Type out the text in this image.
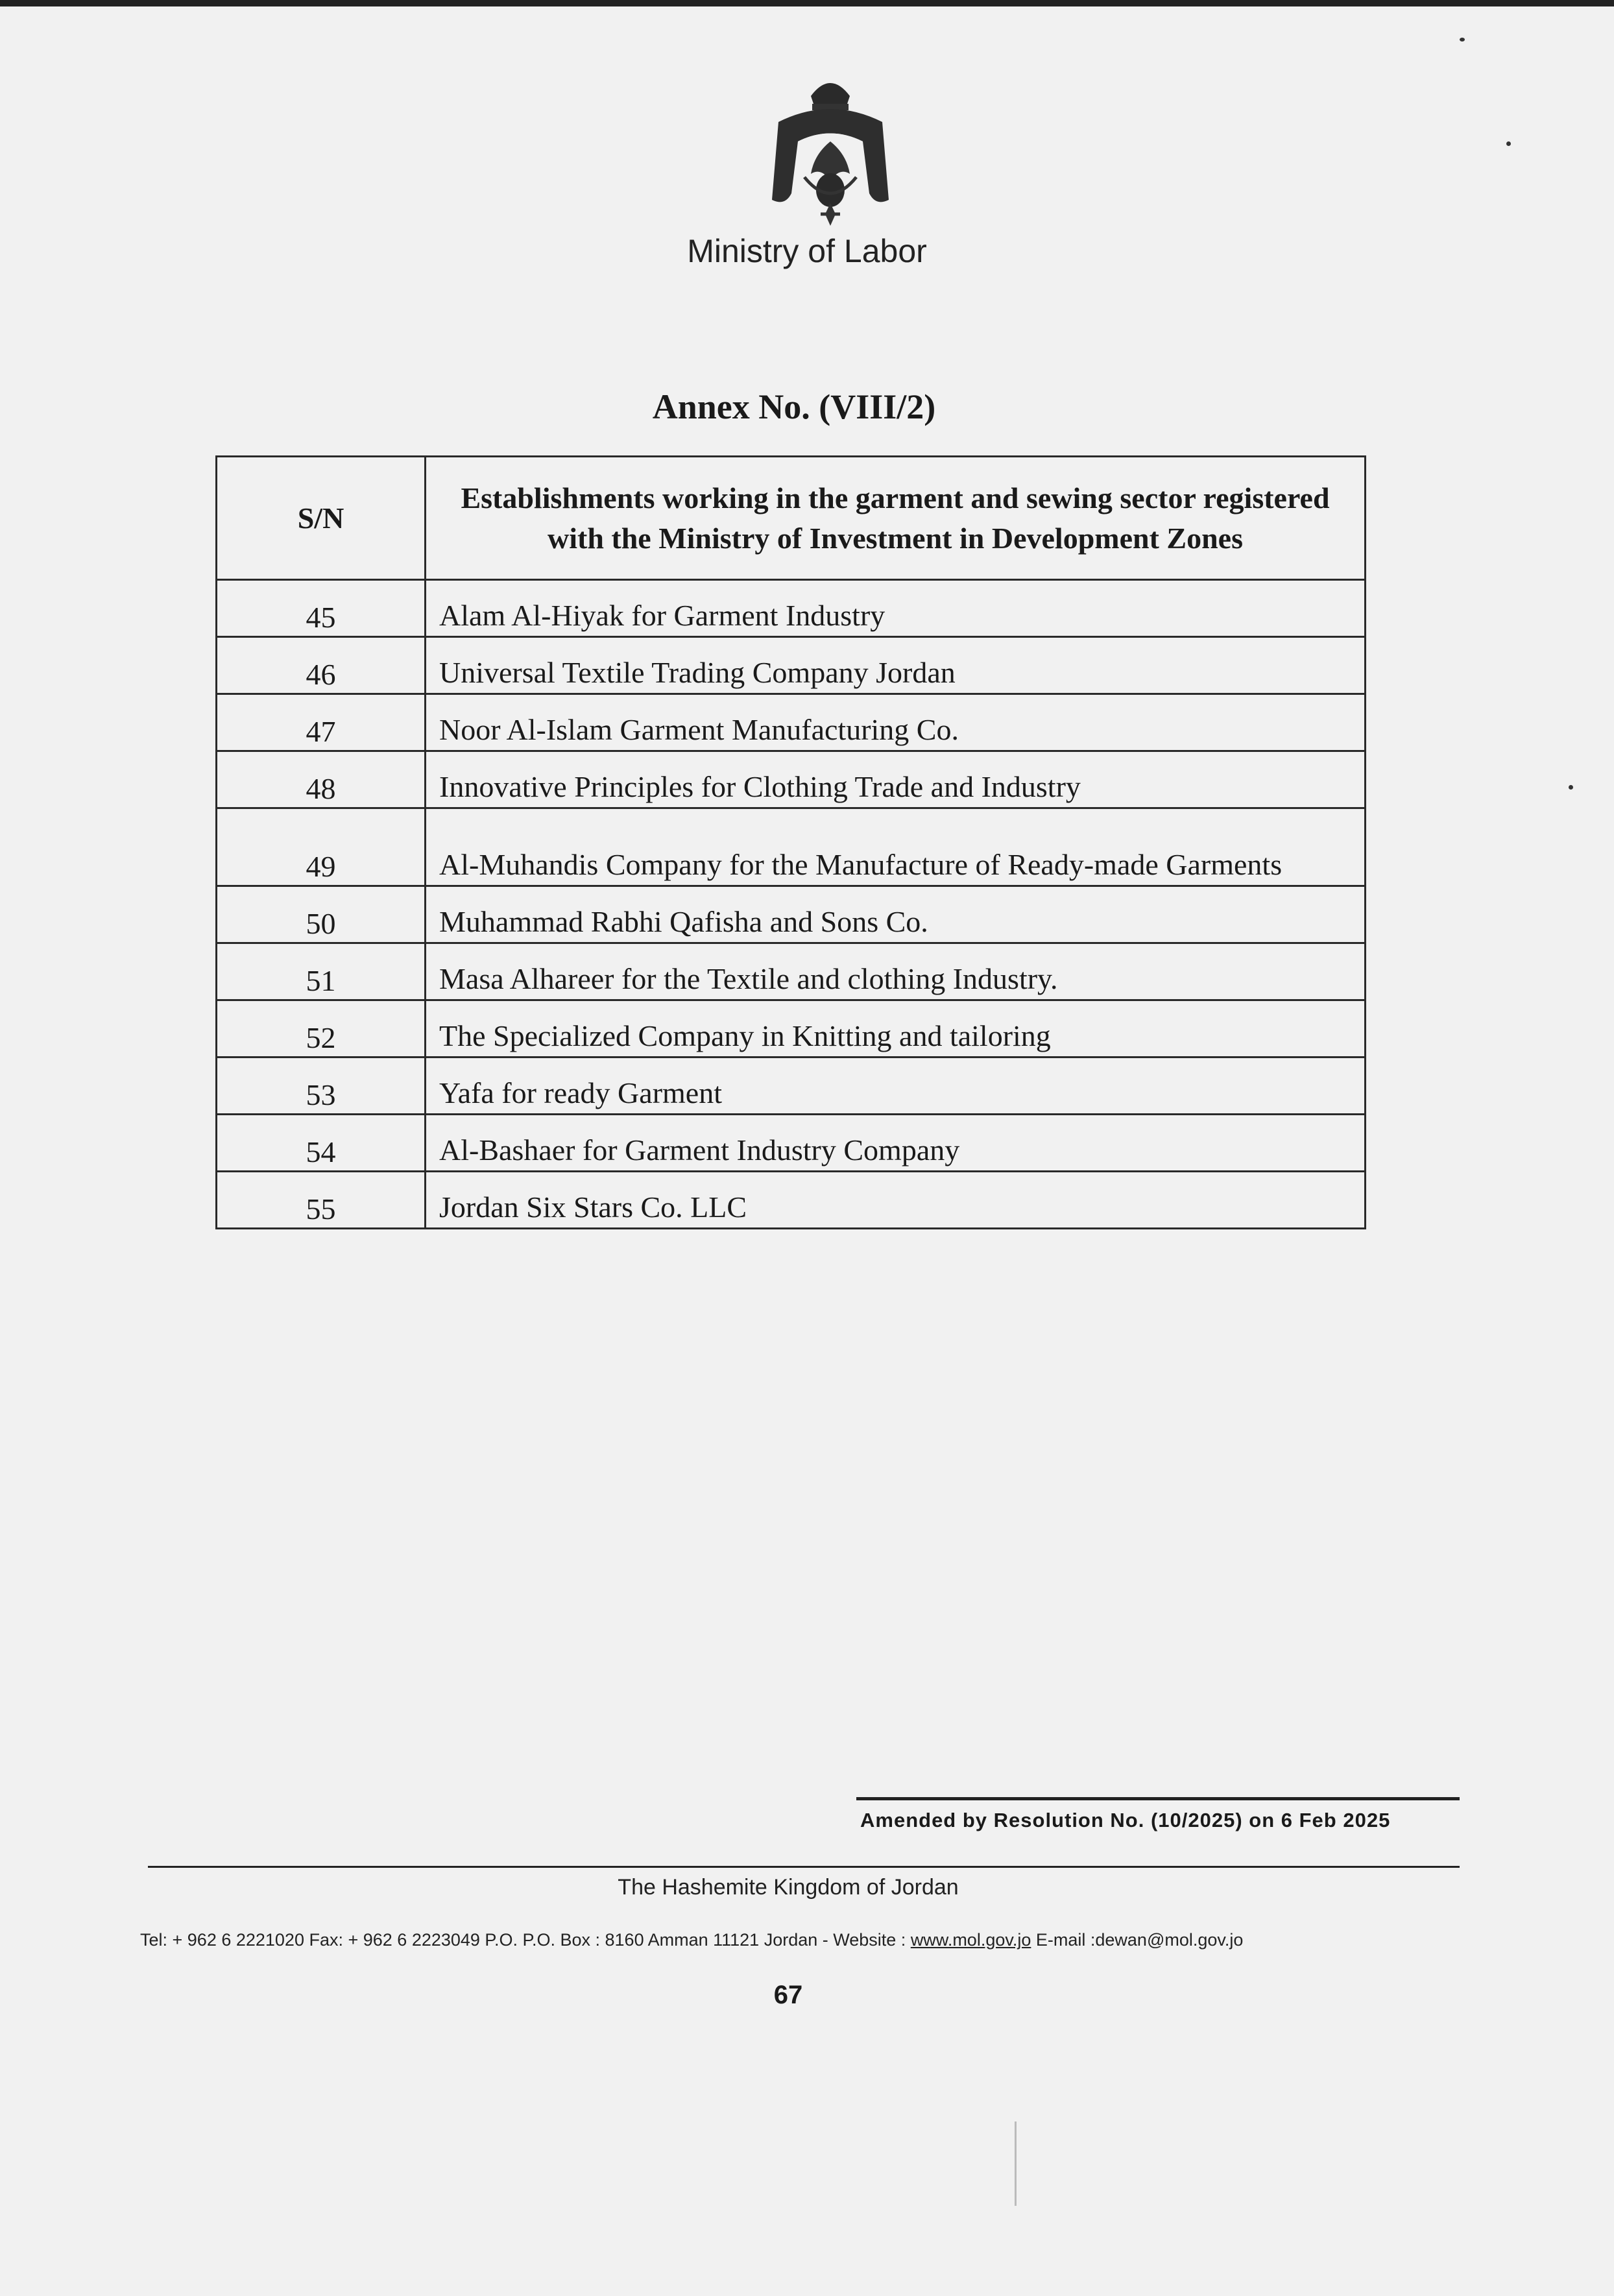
Ministry of Labor
Annex No. (VIII/2)
S/N	Establishments working in the garment and sewing sector registered with the Ministry of Investment in Development Zones
45	Alam Al-Hiyak for Garment Industry
46	Universal Textile Trading Company Jordan
47	Noor Al-Islam Garment Manufacturing Co.
48	Innovative Principles for Clothing Trade and Industry
49	Al-Muhandis Company for the Manufacture of Ready-made Garments
50	Muhammad Rabhi Qafisha and Sons Co.
51	Masa Alhareer for the Textile and clothing Industry.
52	The Specialized Company in Knitting and tailoring
53	Yafa for ready Garment
54	Al-Bashaer for Garment Industry Company
55	Jordan Six Stars Co. LLC
Amended by Resolution No. (10/2025) on 6 Feb 2025
The Hashemite Kingdom of Jordan
Tel: + 962 6 2221020 Fax: + 962 6 2223049 P.O. P.O. Box : 8160 Amman 11121 Jordan - Website : www.mol.gov.jo E-mail :dewan@mol.gov.jo
67
